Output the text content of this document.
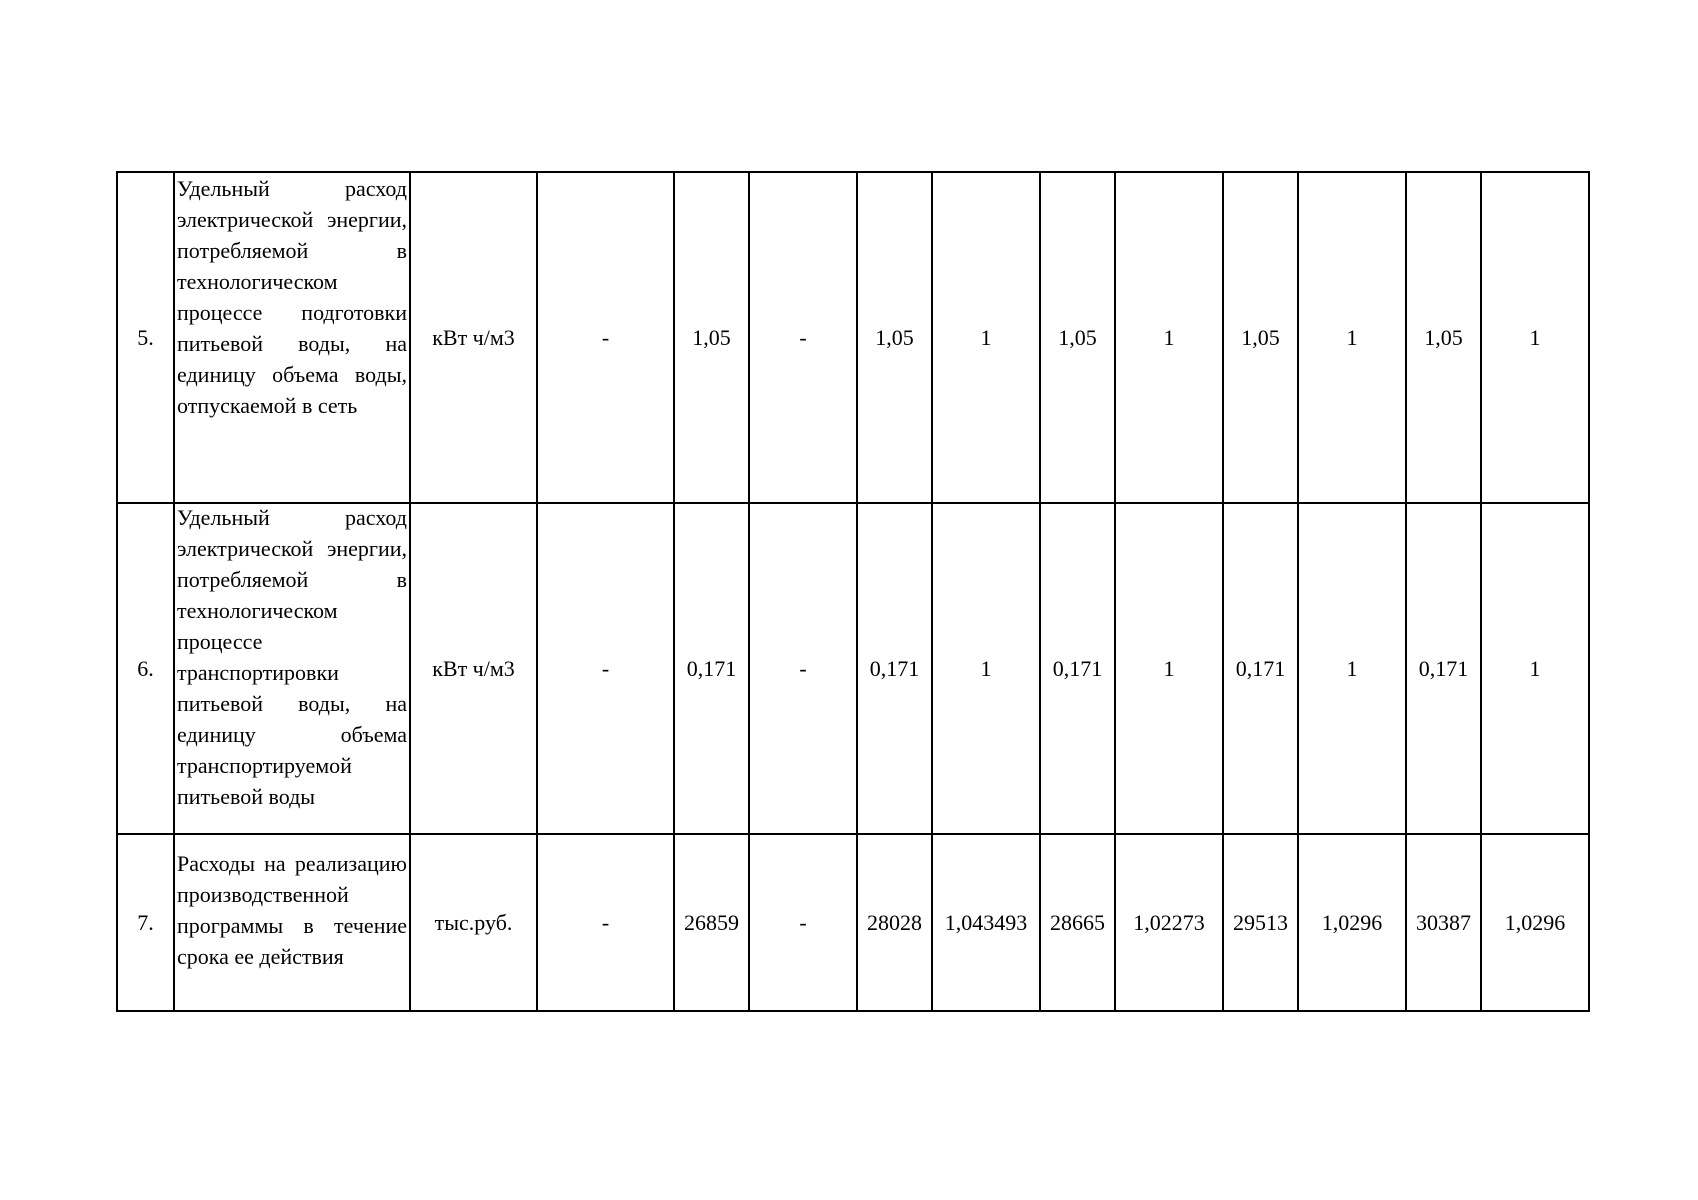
5.	Удельный расход электрической энергии, потребляемой в технологическом процессе подготовки питьевой воды, на единицу объема воды, отпускаемой в сеть	кВт ч/м3	-	1,05	-	1,05	1	1,05	1	1,05	1	1,05	1
6.	Удельный расход электрической энергии, потребляемой в технологическом процессе транспортировки питьевой воды, на единицу объема транспортируемой питьевой воды	кВт ч/м3	-	0,171	-	0,171	1	0,171	1	0,171	1	0,171	1
7.	Расходы на реализацию производственной программы в течение срока ее действия	тыс.руб.	-	26859	-	28028	1,043493	28665	1,02273	29513	1,0296	30387	1,0296
